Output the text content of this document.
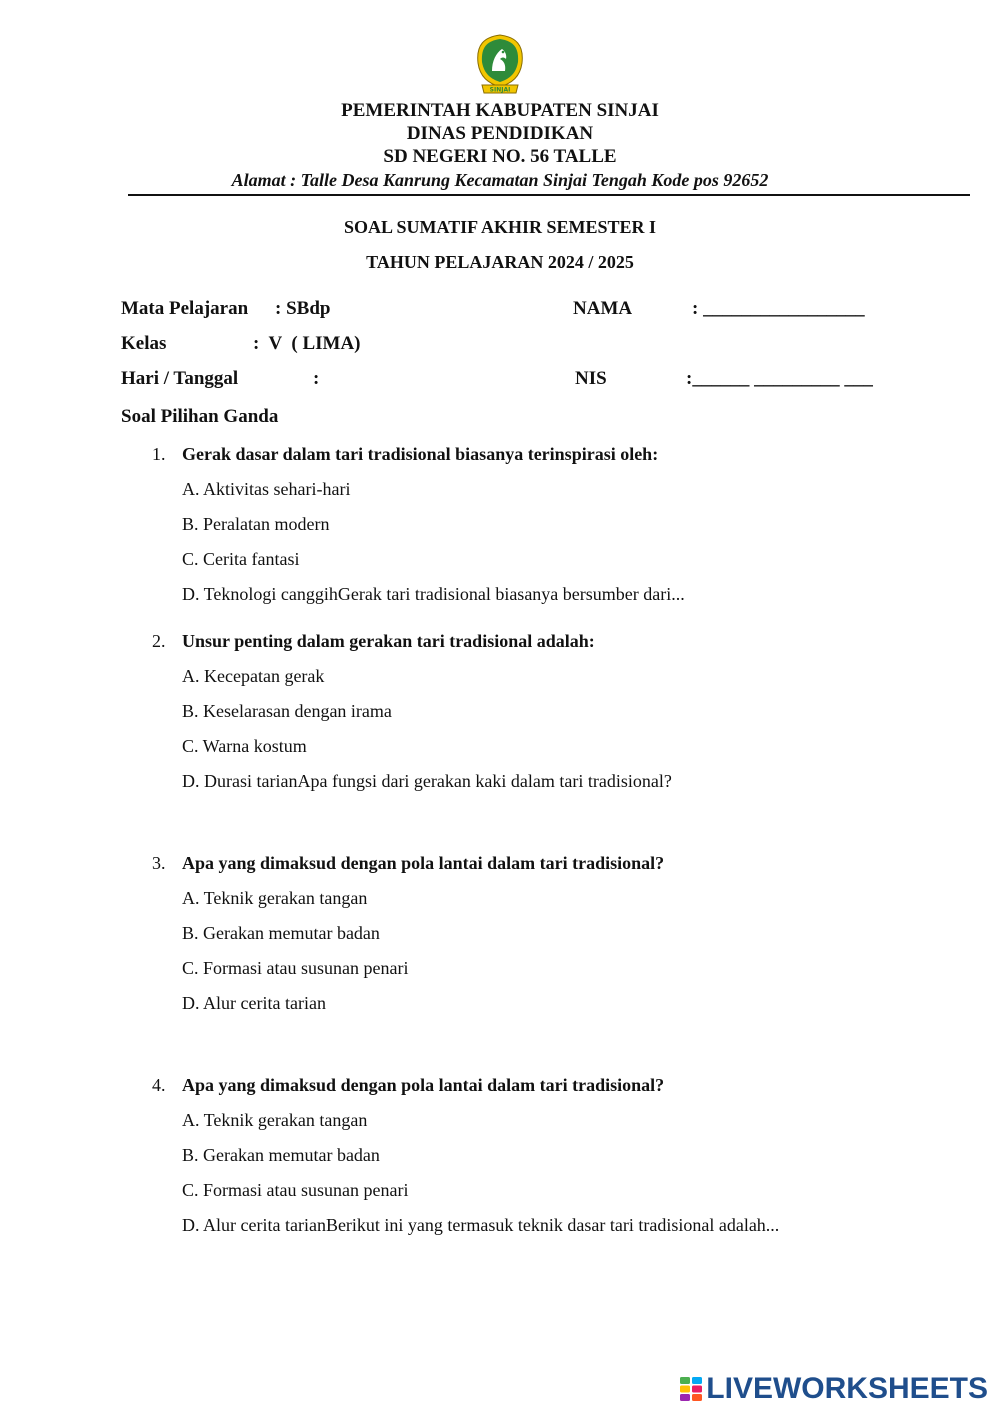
SINJAI
PEMERINTAH KABUPATEN SINJAI
DINAS PENDIDIKAN
SD NEGERI NO. 56 TALLE
Alamat : Talle Desa Kanrung Kecamatan Sinjai Tengah Kode pos 92652
SOAL SUMATIF AKHIR SEMESTER I
TAHUN PELAJARAN 2024 / 2025
Mata Pelajaran : SBdp	NAMA	: _________________
Kelas	:  V  ( LIMA)
Hari / Tanggal	:	NIS	:______ _________ ___
Soal Pilihan Ganda
1. Gerak dasar dalam tari tradisional biasanya terinspirasi oleh:
A. Aktivitas sehari-hari
B. Peralatan modern
C. Cerita fantasi
D. Teknologi canggihGerak tari tradisional biasanya bersumber dari...
2. Unsur penting dalam gerakan tari tradisional adalah:
A. Kecepatan gerak
B. Keselarasan dengan irama
C. Warna kostum
D. Durasi tarianApa fungsi dari gerakan kaki dalam tari tradisional?
3. Apa yang dimaksud dengan pola lantai dalam tari tradisional?
A. Teknik gerakan tangan
B. Gerakan memutar badan
C. Formasi atau susunan penari
D. Alur cerita tarian
4. Apa yang dimaksud dengan pola lantai dalam tari tradisional?
A. Teknik gerakan tangan
B. Gerakan memutar badan
C. Formasi atau susunan penari
D. Alur cerita tarianBerikut ini yang termasuk teknik dasar tari tradisional adalah...
LIVEWORKSHEETS
